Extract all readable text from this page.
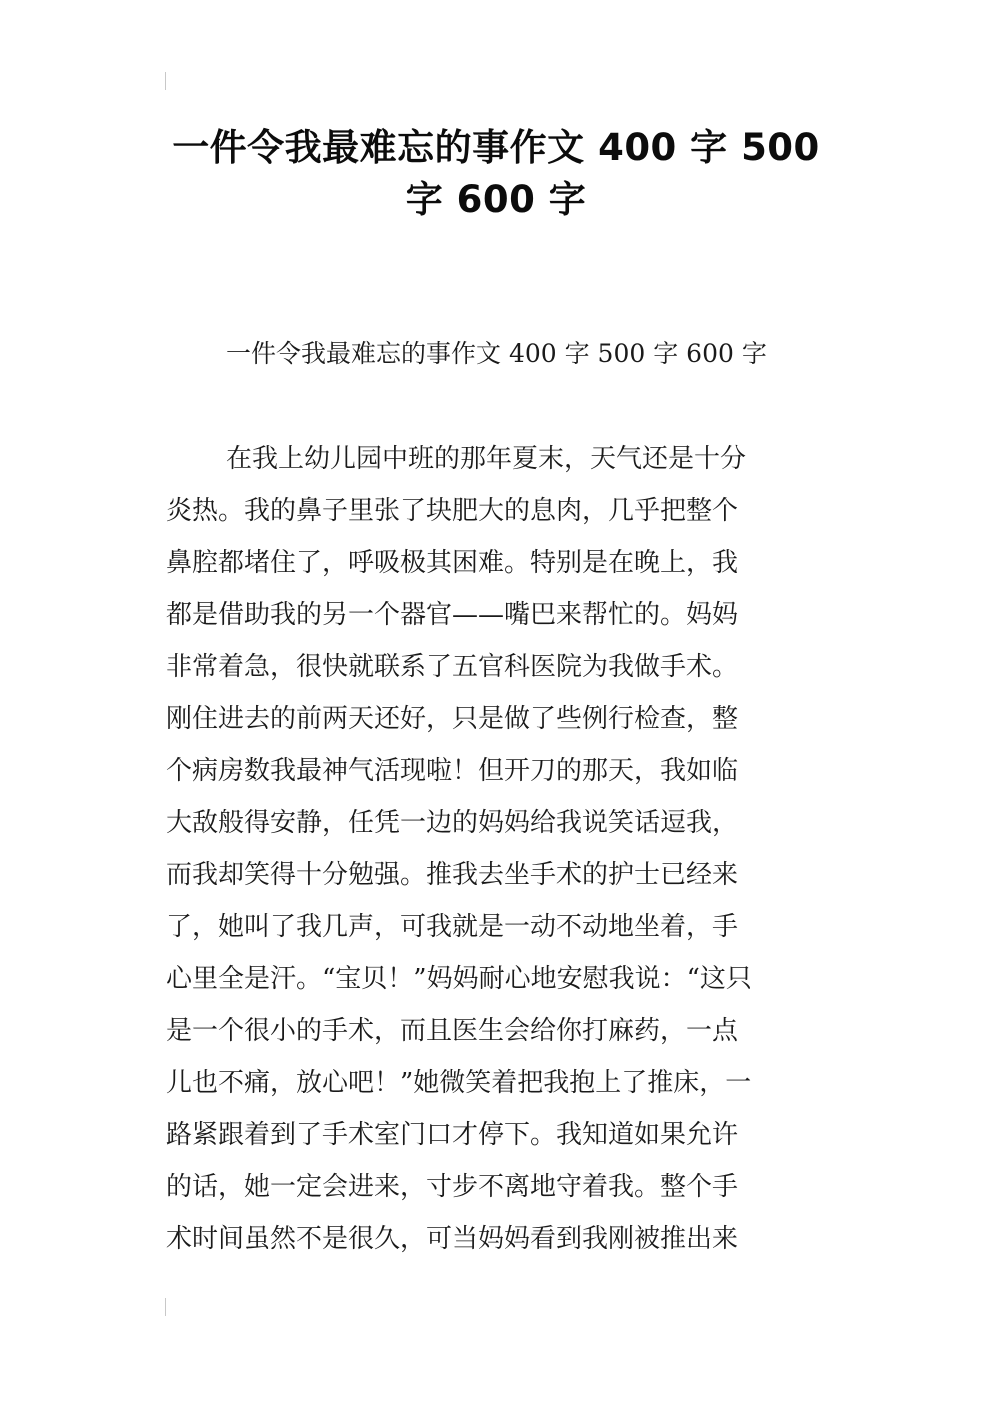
一件令我最难忘的事作文 400 字 500
字 600 字

一件令我最难忘的事作文 400 字 500 字 600 字

在我上幼儿园中班的那年夏末，天气还是十分
炎热。我的鼻子里张了块肥大的息肉，几乎把整个
鼻腔都堵住了，呼吸极其困难。特别是在晚上，我
都是借助我的另一个器官——嘴巴来帮忙的。妈妈
非常着急，很快就联系了五官科医院为我做手术。
刚住进去的前两天还好，只是做了些例行检查，整
个病房数我最神气活现啦！但开刀的那天，我如临
大敌般得安静，任凭一边的妈妈给我说笑话逗我，
而我却笑得十分勉强。推我去坐手术的护士已经来
了，她叫了我几声，可我就是一动不动地坐着，手
心里全是汗。“宝贝！”妈妈耐心地安慰我说：“这只
是一个很小的手术，而且医生会给你打麻药，一点
儿也不痛，放心吧！”她微笑着把我抱上了推床，一
路紧跟着到了手术室门口才停下。我知道如果允许
的话，她一定会进来，寸步不离地守着我。整个手
术时间虽然不是很久，可当妈妈看到我刚被推出来
